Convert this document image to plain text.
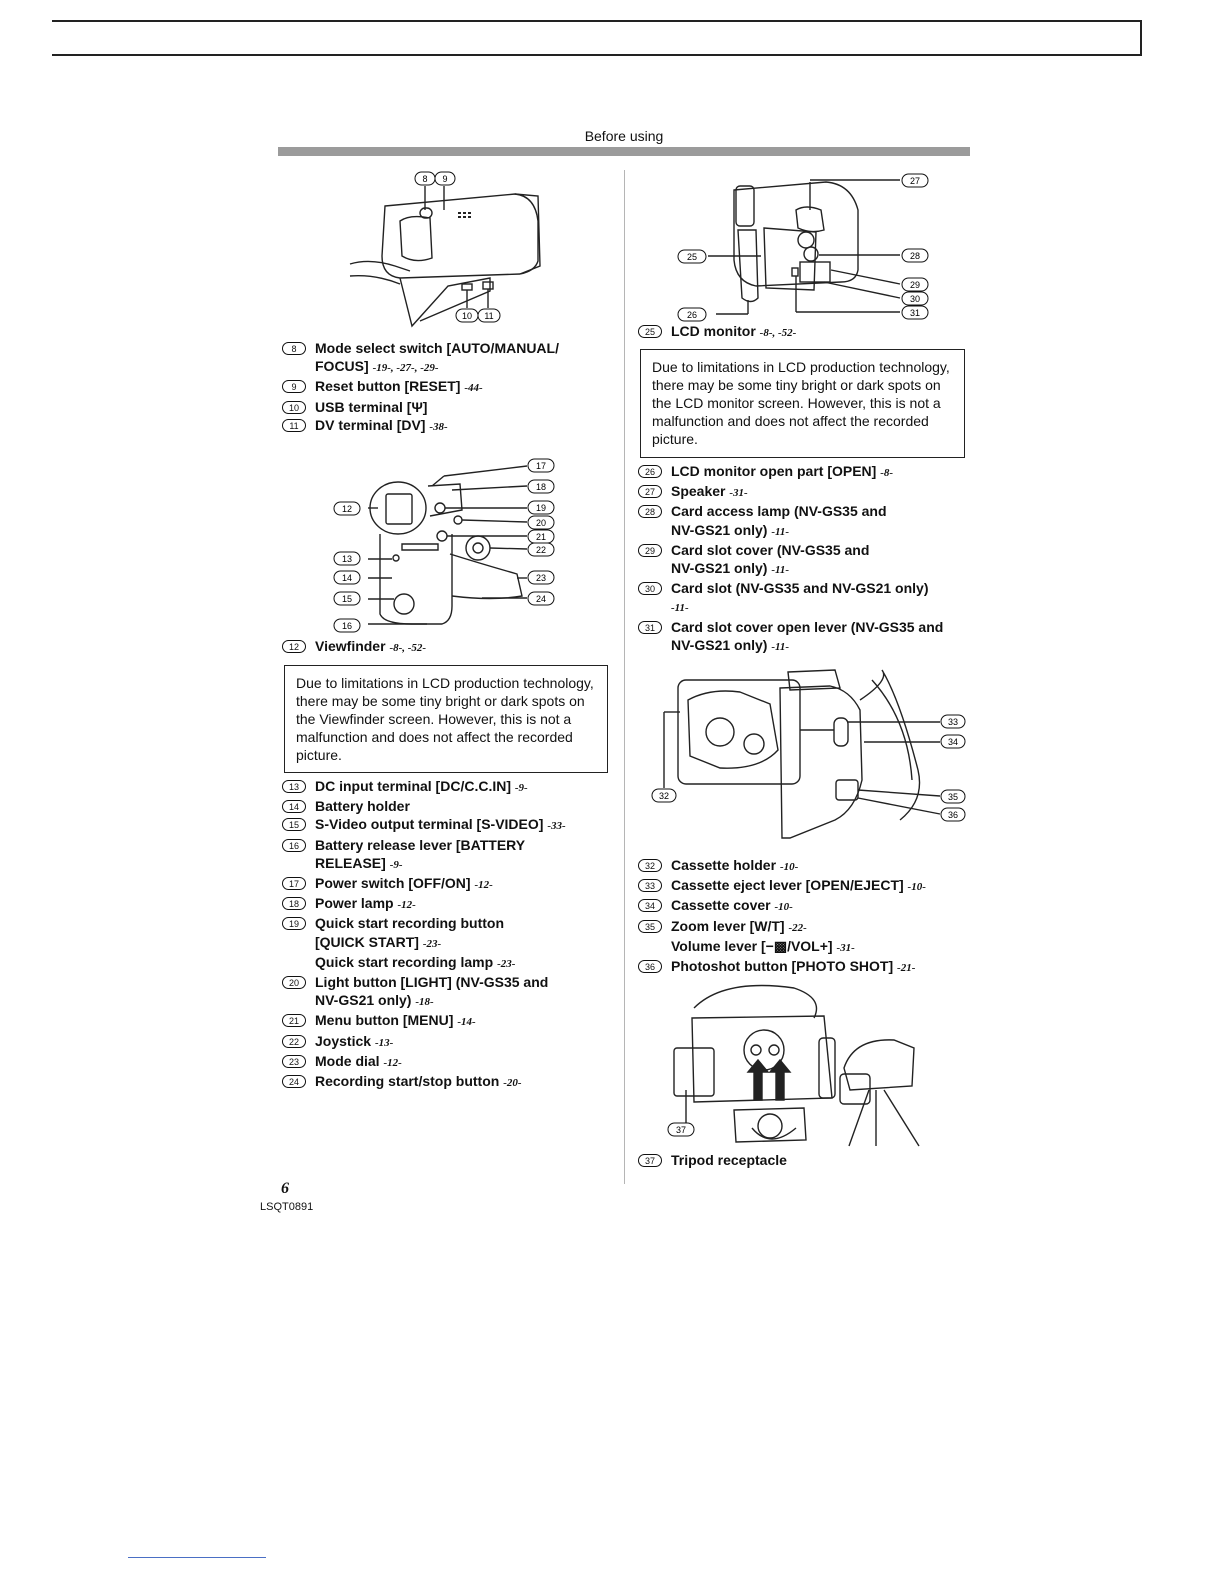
Before using
8 9
10 11
8	Mode select switch [AUTO/MANUAL/
FOCUS] -19-, -27-, -29-
9	Reset button [RESET] -44-
10	USB terminal [Ψ]
11	DV terminal [DV] -38-
12
13
14
15
16
17
18
19
20
21
22
23
24
12	Viewfinder -8-, -52-
Due to limitations in LCD production technology, there may be some tiny bright or dark spots on the Viewfinder screen. However, this is not a malfunction and does not affect the recorded picture.
13	DC input terminal [DC/C.C.IN] -9-
14	Battery holder
15	S-Video output terminal [S-VIDEO] -33-
16	Battery release lever [BATTERY
RELEASE] -9-
17	Power switch [OFF/ON] -12-
18	Power lamp -12-
19	Quick start recording button
[QUICK START] -23-
Quick start recording lamp -23-
20	Light button [LIGHT] (NV-GS35 and
NV-GS21 only) -18-
21	Menu button [MENU] -14-
22	Joystick -13-
23	Mode dial -12-
24	Recording start/stop button -20-
27
25	28
29
30
31
26
25	LCD monitor -8-, -52-
Due to limitations in LCD production technology, there may be some tiny bright or dark spots on the LCD monitor screen. However, this is not a malfunction and does not affect the recorded picture.
26	LCD monitor open part [OPEN] -8-
27	Speaker -31-
28	Card access lamp (NV-GS35 and
NV-GS21 only) -11-
29	Card slot cover (NV-GS35 and
NV-GS21 only) -11-
30	Card slot (NV-GS35 and NV-GS21 only)
-11-
31	Card slot cover open lever (NV-GS35 and
NV-GS21 only) -11-
33
34
32	35
36
32	Cassette holder -10-
33	Cassette eject lever [OPEN/EJECT] -10-
34	Cassette cover -10-
35	Zoom lever [W/T] -22-
Volume lever [−▩/VOL+] -31-
36	Photoshot button [PHOTO SHOT] -21-
37
37	Tripod receptacle
6
LSQT0891
